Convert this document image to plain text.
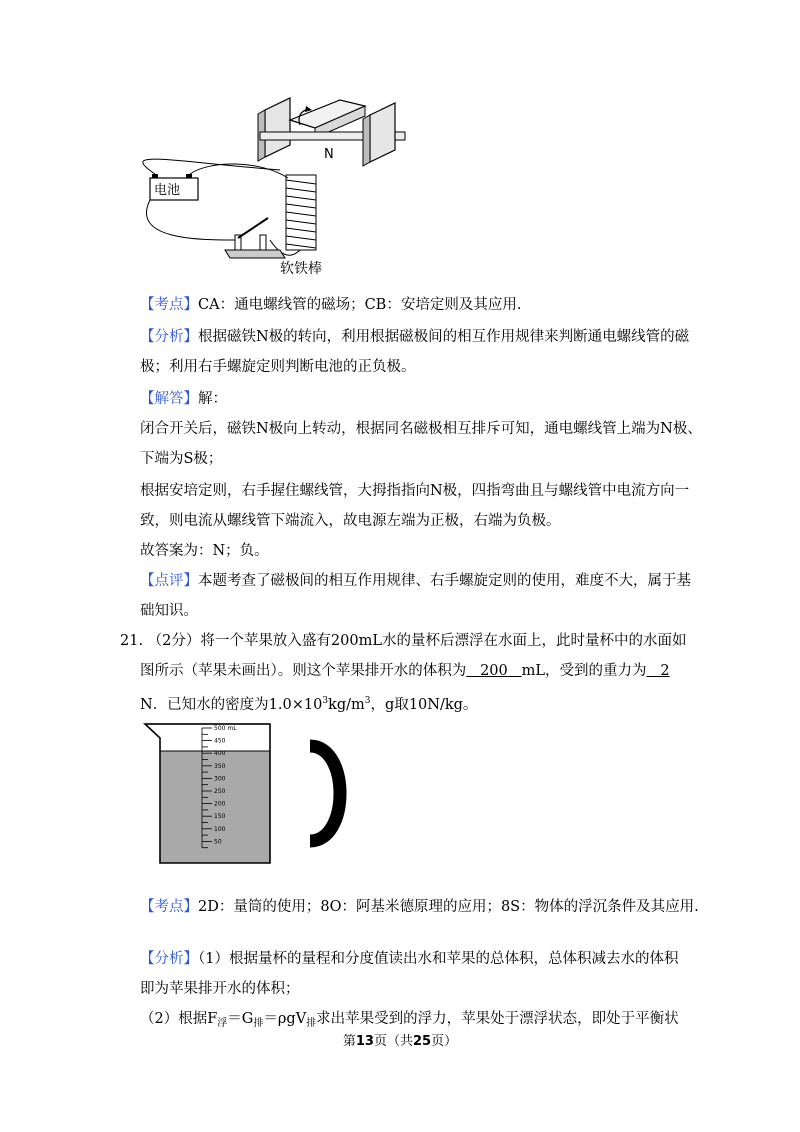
N
电池
软铁棒
【考点】CA：通电螺线管的磁场；CB：安培定则及其应用.
【分析】根据磁铁N极的转向，利用根据磁极间的相互作用规律来判断通电螺线管的磁
极；利用右手螺旋定则判断电池的正负极。
【解答】解：
闭合开关后，磁铁N极向上转动，根据同名磁极相互排斥可知，通电螺线管上端为N极、
下端为S极；
根据安培定则，右手握住螺线管，大拇指指向N极，四指弯曲且与螺线管中电流方向一
致，则电流从螺线管下端流入，故电源左端为正极，右端为负极。
故答案为：N；负。
【点评】本题考查了磁极间的相互作用规律、右手螺旋定则的使用，难度不大，属于基
础知识。
21. （2分）将一个苹果放入盛有200mL水的量杯后漂浮在水面上，此时量杯中的水面如
图所示（苹果未画出）。则这个苹果排开水的体积为 200 mL，受到的重力为 2
N．已知水的密度为$1.0\times 10^3kg/m^3$，g取10N/kg。
500 mL
450
400
350
300
250
200
150
100
50
【考点】2D：量筒的使用；8O：阿基米德原理的应用；8S：物体的浮沉条件及其应用.
【分析】（1）根据量杯的量程和分度值读出水和苹果的总体积，总体积减去水的体积
即为苹果排开水的体积；
（2）根据$F_浮=G_排=\rho gV_排$求出苹果受到的浮力，苹果处于漂浮状态，即处于平衡状
第13页（共25页）
